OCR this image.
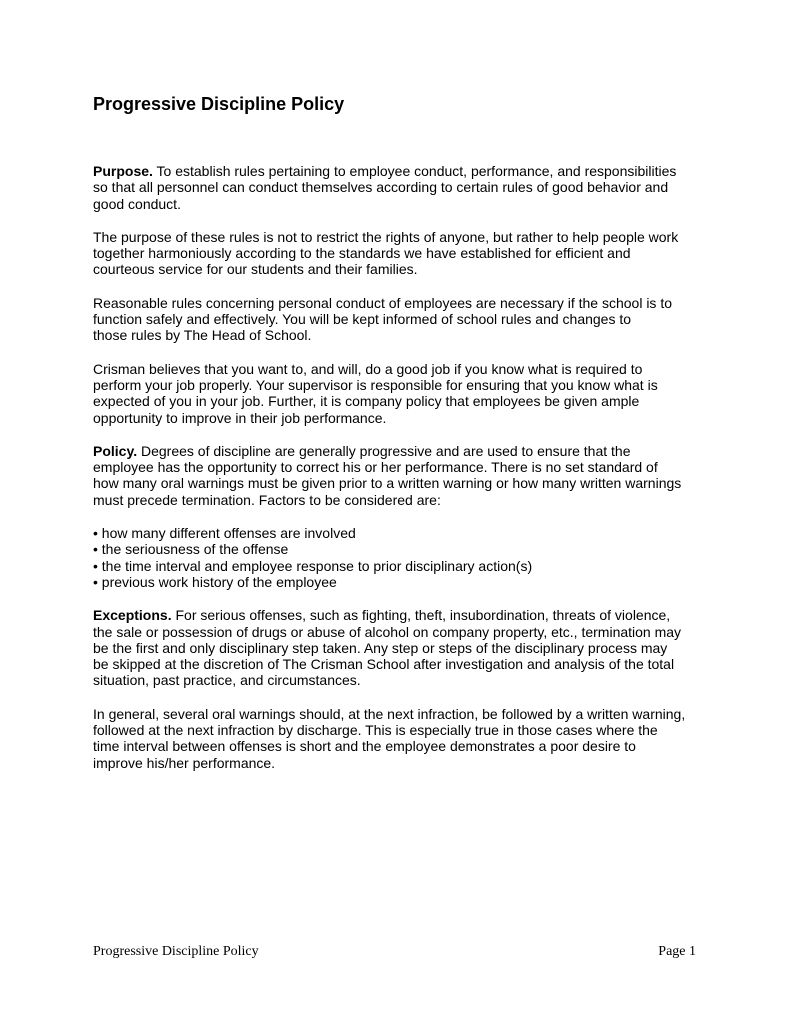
Progressive Discipline Policy

Purpose. To establish rules pertaining to employee conduct, performance, and responsibilities
so that all personnel can conduct themselves according to certain rules of good behavior and
good conduct.

The purpose of these rules is not to restrict the rights of anyone, but rather to help people work
together harmoniously according to the standards we have established for efficient and
courteous service for our students and their families.

Reasonable rules concerning personal conduct of employees are necessary if the school is to
function safely and effectively. You will be kept informed of school rules and changes to
those rules by The Head of School.

Crisman believes that you want to, and will, do a good job if you know what is required to
perform your job properly. Your supervisor is responsible for ensuring that you know what is
expected of you in your job. Further, it is company policy that employees be given ample
opportunity to improve in their job performance.

Policy. Degrees of discipline are generally progressive and are used to ensure that the
employee has the opportunity to correct his or her performance. There is no set standard of
how many oral warnings must be given prior to a written warning or how many written warnings
must precede termination. Factors to be considered are:

• how many different offenses are involved
• the seriousness of the offense
• the time interval and employee response to prior disciplinary action(s)
• previous work history of the employee

Exceptions. For serious offenses, such as fighting, theft, insubordination, threats of violence,
the sale or possession of drugs or abuse of alcohol on company property, etc., termination may
be the first and only disciplinary step taken. Any step or steps of the disciplinary process may
be skipped at the discretion of The Crisman School after investigation and analysis of the total
situation, past practice, and circumstances.

In general, several oral warnings should, at the next infraction, be followed by a written warning,
followed at the next infraction by discharge. This is especially true in those cases where the
time interval between offenses is short and the employee demonstrates a poor desire to
improve his/her performance.

Progressive Discipline Policy	Page 1
